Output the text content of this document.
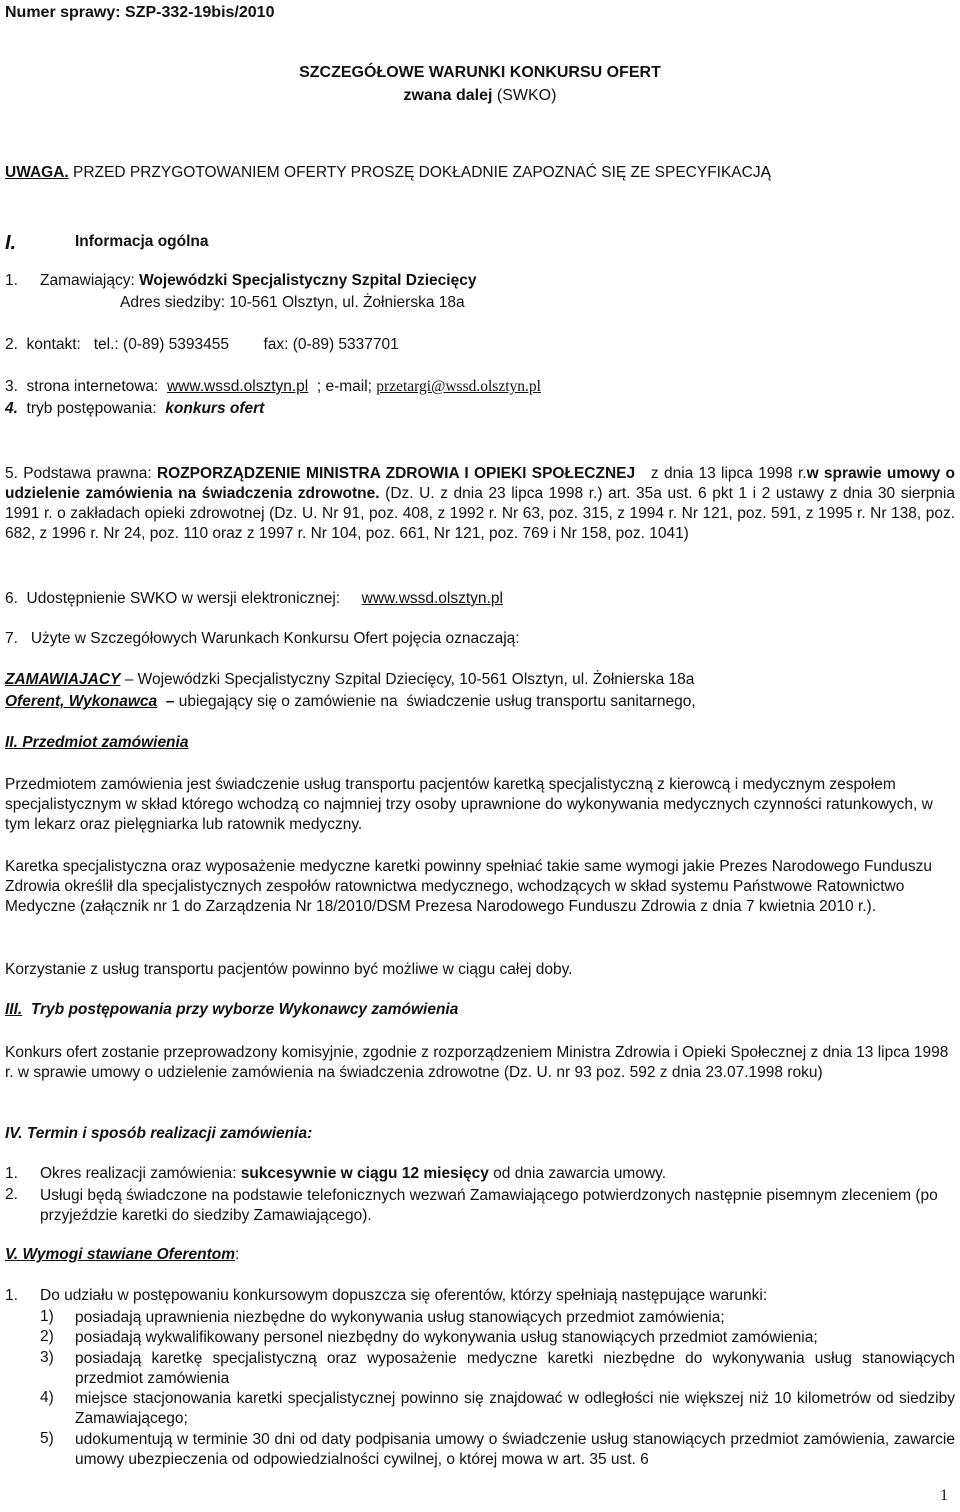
Numer sprawy: SZP-332-19bis/2010
SZCZEGÓŁOWE WARUNKI KONKURSU OFERT
zwana dalej (SWKO)
UWAGA. PRZED PRZYGOTOWANIEM OFERTY PROSZĘ DOKŁADNIE ZAPOZNAĆ SIĘ ZE SPECYFIKACJĄ
I.	Informacja ogólna
1. Zamawiający: Wojewódzki Specjalistyczny Szpital Dziecięcy
Adres siedziby: 10-561 Olsztyn, ul. Żołnierska 18a
2.  kontakt:   tel.: (0-89) 5393455        fax: (0-89) 5337701
3.  strona internetowa:  www.wssd.olsztyn.pl  ; e-mail; przetargi@wssd.olsztyn.pl
4.  tryb postępowania:  konkurs ofert
5. Podstawa prawna: ROZPORZĄDZENIE MINISTRA ZDROWIA I OPIEKI SPOŁECZNEJ   z dnia 13 lipca 1998 r.w sprawie umowy o udzielenie zamówienia na świadczenia zdrowotne. (Dz. U. z dnia 23 lipca 1998 r.) art. 35a ust. 6 pkt 1 i 2 ustawy z dnia 30 sierpnia 1991 r. o zakładach opieki zdrowotnej (Dz. U. Nr 91, poz. 408, z 1992 r. Nr 63, poz. 315, z 1994 r. Nr 121, poz. 591, z 1995 r. Nr 138, poz. 682, z 1996 r. Nr 24, poz. 110 oraz z 1997 r. Nr 104, poz. 661, Nr 121, poz. 769 i Nr 158, poz. 1041)
6.  Udostępnienie SWKO w wersji elektronicznej:     www.wssd.olsztyn.pl
7.   Użyte w Szczegółowych Warunkach Konkursu Ofert pojęcia oznaczają:
ZAMAWIAJACY – Wojewódzki Specjalistyczny Szpital Dziecięcy, 10-561 Olsztyn, ul. Żołnierska 18a
Oferent, Wykonawca  – ubiegający się o zamówienie na  świadczenie usług transportu sanitarnego,
II. Przedmiot zamówienia
Przedmiotem zamówienia jest świadczenie usług transportu pacjentów karetką specjalistyczną z kierowcą i medycznym zespołem specjalistycznym w skład którego wchodzą co najmniej trzy osoby uprawnione do wykonywania medycznych czynności ratunkowych, w tym lekarz oraz pielęgniarka lub ratownik medyczny.
Karetka specjalistyczna oraz wyposażenie medyczne karetki powinny spełniać takie same wymogi jakie Prezes Narodowego Funduszu Zdrowia określił dla specjalistycznych zespołów ratownictwa medycznego, wchodzących w skład systemu Państwowe Ratownictwo Medyczne (załącznik nr 1 do Zarządzenia Nr 18/2010/DSM Prezesa Narodowego Funduszu Zdrowia z dnia 7 kwietnia 2010 r.).
Korzystanie z usług transportu pacjentów powinno być możliwe w ciągu całej doby.
III.  Tryb postępowania przy wyborze Wykonawcy zamówienia
Konkurs ofert zostanie przeprowadzony komisyjnie, zgodnie z rozporządzeniem Ministra Zdrowia i Opieki Społecznej z dnia 13 lipca 1998 r. w sprawie umowy o udzielenie zamówienia na świadczenia zdrowotne (Dz. U. nr 93 poz. 592 z dnia 23.07.1998 roku)
IV. Termin i sposób realizacji zamówienia:
1. Okres realizacji zamówienia: sukcesywnie w ciągu 12 miesięcy od dnia zawarcia umowy.
2. Usługi będą świadczone na podstawie telefonicznych wezwań Zamawiającego potwierdzonych następnie pisemnym zleceniem (po przyjeździe karetki do siedziby Zamawiającego).
V. Wymogi stawiane Oferentom:
1. Do udziału w postępowaniu konkursowym dopuszcza się oferentów, którzy spełniają następujące warunki:
1) posiadają uprawnienia niezbędne do wykonywania usług stanowiących przedmiot zamówienia;
2) posiadają wykwalifikowany personel niezbędny do wykonywania usług stanowiących przedmiot zamówienia;
3) posiadają karetkę specjalistyczną oraz wyposażenie medyczne karetki niezbędne do wykonywania usług stanowiących przedmiot zamówienia
4) miejsce stacjonowania karetki specjalistycznej powinno się znajdować w odległości nie większej niż 10 kilometrów od siedziby Zamawiającego;
5) udokumentują w terminie 30 dni od daty podpisania umowy o świadczenie usług stanowiących przedmiot zamówienia, zawarcie umowy ubezpieczenia od odpowiedzialności cywilnej, o której mowa w art. 35 ust. 6
1
